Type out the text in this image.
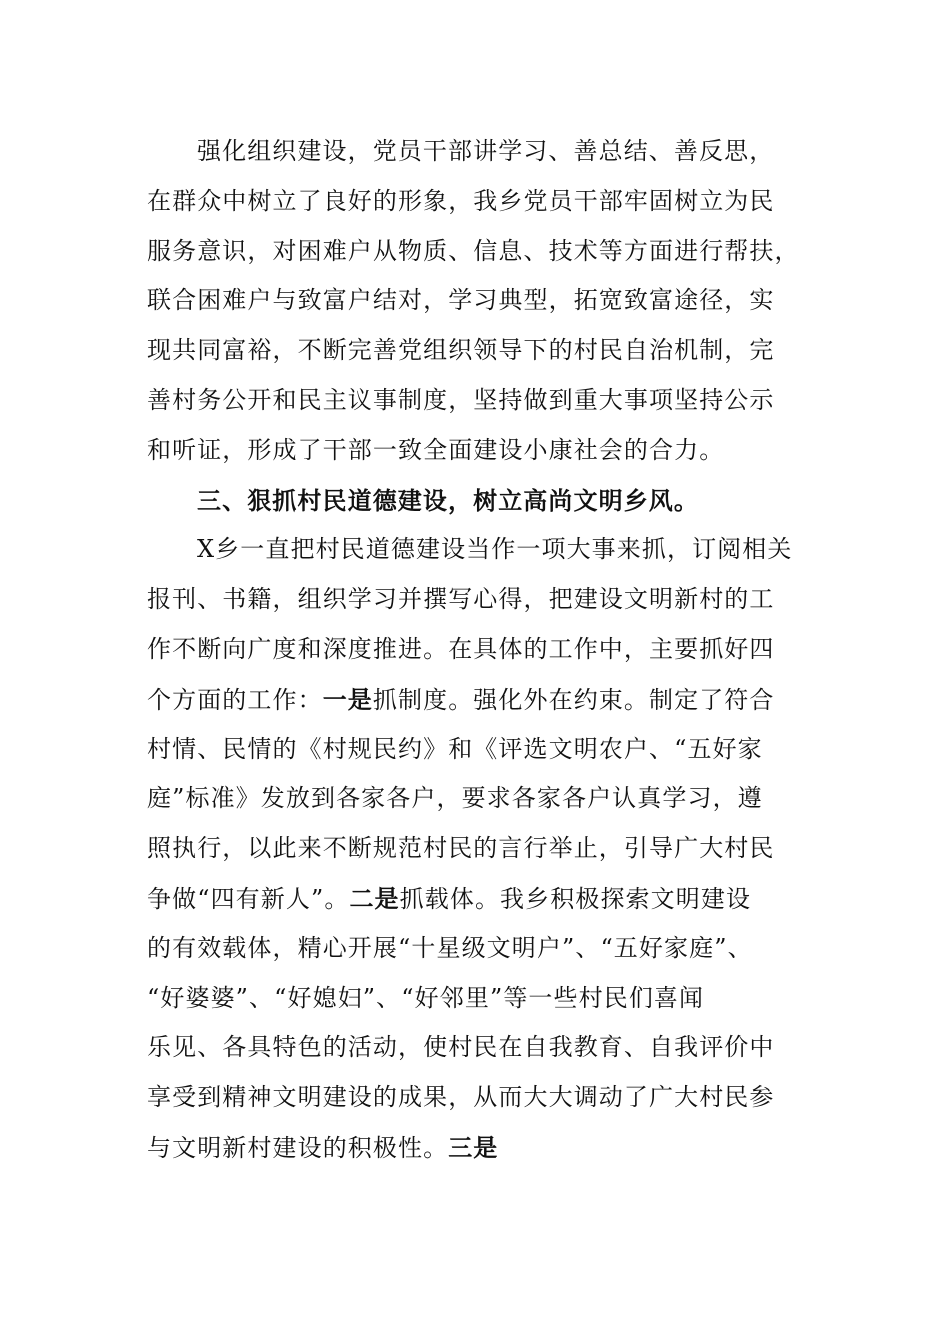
强化组织建设，党员干部讲学习、善总结、善反思，
在群众中树立了良好的形象，我乡党员干部牢固树立为民
服务意识，对困难户从物质、信息、技术等方面进行帮扶，
联合困难户与致富户结对，学习典型，拓宽致富途径，实
现共同富裕，不断完善党组织领导下的村民自治机制，完
善村务公开和民主议事制度，坚持做到重大事项坚持公示
和听证，形成了干部一致全面建设小康社会的合力。
三、狠抓村民道德建设，树立高尚文明乡风。
X乡一直把村民道德建设当作一项大事来抓，订阅相关
报刊、书籍，组织学习并撰写心得，把建设文明新村的工
作不断向广度和深度推进。在具体的工作中，主要抓好四
个方面的工作：一是抓制度。强化外在约束。制定了符合
村情、民情的《村规民约》和《评选文明农户、“五好家
庭”标准》发放到各家各户，要求各家各户认真学习，遵
照执行，以此来不断规范村民的言行举止，引导广大村民
争做“四有新人”。二是抓载体。我乡积极探索文明建设
的有效载体，精心开展“十星级文明户”、“五好家庭”、
“好婆婆”、“好媳妇”、“好邻里”等一些村民们喜闻
乐见、各具特色的活动，使村民在自我教育、自我评价中
享受到精神文明建设的成果，从而大大调动了广大村民参
与文明新村建设的积极性。三是
